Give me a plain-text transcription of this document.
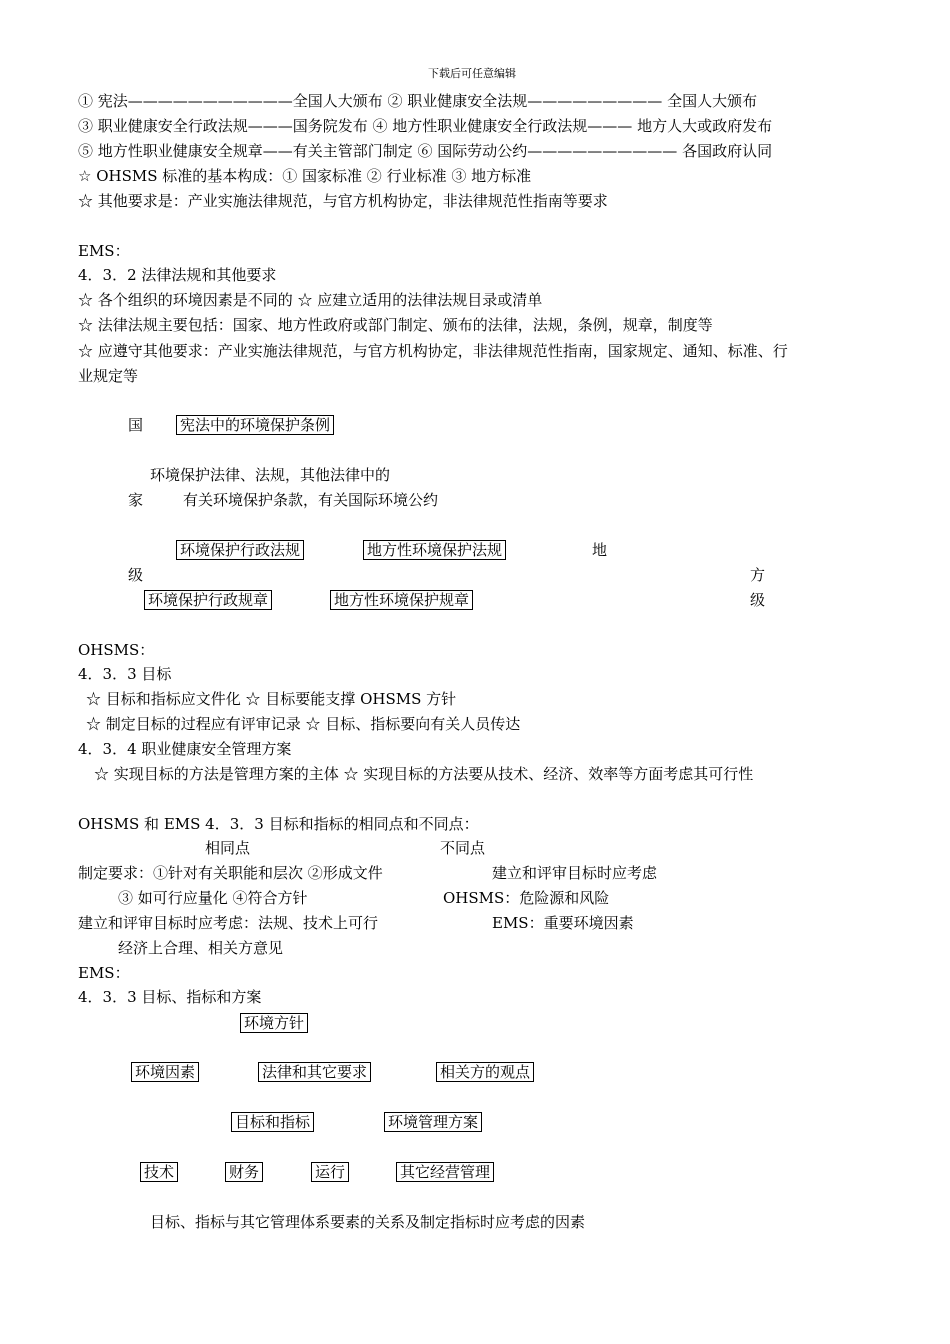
下载后可任意编辑
① 宪法———————————全国人大颁布 ② 职业健康安全法规————————— 全国人大颁布
③ 职业健康安全行政法规———国务院发布 ④ 地方性职业健康安全行政法规——— 地方人大或政府发布
⑤ 地方性职业健康安全规章——有关主管部门制定 ⑥ 国际劳动公约—————————— 各国政府认同
☆ OHSMS 标准的基本构成：① 国家标准 ② 行业标准 ③ 地方标准
☆ 其他要求是：产业实施法律规范，与官方机构协定，非法律规范性指南等要求
EMS：
4．3．2 法律法规和其他要求
☆ 各个组织的环境因素是不同的 ☆ 应建立适用的法律法规目录或清单
☆ 法律法规主要包括：国家、地方性政府或部门制定、颁布的法律，法规，条例，规章，制度等
☆ 应遵守其他要求：产业实施法律规范，与官方机构协定，非法律规范性指南，国家规定、通知、标准、行
业规定等
国 宪法中的环境保护条例
环境保护法律、法规，其他法律中的
家	有关环境保护条款，有关国际环境公约
环境保护行政法规	地方性环境保护法规	地
级	方
环境保护行政规章	地方性环境保护规章	级
OHSMS：
4．3．3 目标
☆ 目标和指标应文件化 ☆ 目标要能支撑 OHSMS 方针
☆ 制定目标的过程应有评审记录 ☆ 目标、指标要向有关人员传达
4．3．4 职业健康安全管理方案
☆ 实现目标的方法是管理方案的主体 ☆ 实现目标的方法要从技术、经济、效率等方面考虑其可行性
OHSMS 和 EMS 4．3．3 目标和指标的相同点和不同点：
相同点	不同点
制定要求：①针对有关职能和层次 ②形成文件	建立和评审目标时应考虑
③ 如可行应量化 ④符合方针	OHSMS：危险源和风险
建立和评审目标时应考虑：法规、技术上可行	EMS：重要环境因素
经济上合理、相关方意见
EMS：
4．3．3 目标、指标和方案
环境方针
环境因素	法律和其它要求	相关方的观点
目标和指标	环境管理方案
技术	财务	运行	其它经营管理
目标、指标与其它管理体系要素的关系及制定指标时应考虑的因素
